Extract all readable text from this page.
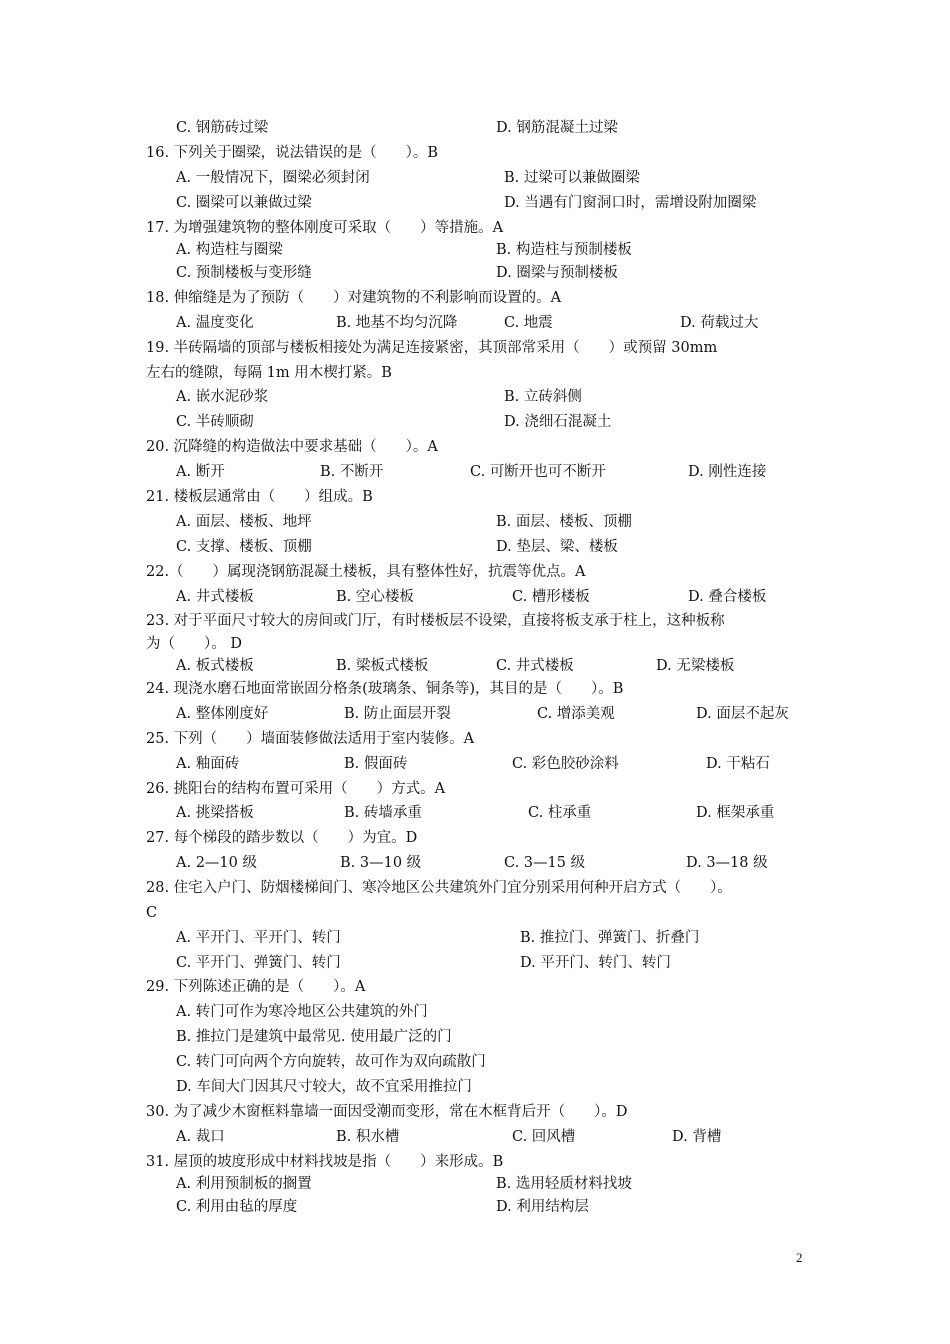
C. 钢筋砖过梁	D. 钢筋混凝土过梁
16. 下列关于圈梁，说法错误的是（　　）。B
A. 一般情况下，圈梁必须封闭	B. 过梁可以兼做圈梁
C. 圈梁可以兼做过梁	D. 当遇有门窗洞口时，需增设附加圈梁
17. 为增强建筑物的整体刚度可采取（　　）等措施。A
A. 构造柱与圈梁	B. 构造柱与预制楼板
C. 预制楼板与变形缝	D. 圈梁与预制楼板
18. 伸缩缝是为了预防（　　）对建筑物的不利影响而设置的。A
A. 温度变化	B. 地基不均匀沉降	C. 地震	D. 荷载过大
19. 半砖隔墙的顶部与楼板相接处为满足连接紧密，其顶部常采用（　　）或预留 30mm
左右的缝隙，每隔 1m 用木楔打紧。B
A. 嵌水泥砂浆	B. 立砖斜侧
C. 半砖顺砌	D. 浇细石混凝土
20. 沉降缝的构造做法中要求基础（　　）。A
A. 断开	B. 不断开	C. 可断开也可不断开	D. 刚性连接
21. 楼板层通常由（　　）组成。B
A. 面层、楼板、地坪	B. 面层、楼板、顶棚
C. 支撑、楼板、顶棚	D. 垫层、梁、楼板
22.（　　）属现浇钢筋混凝土楼板，具有整体性好，抗震等优点。A
A. 井式楼板	B. 空心楼板	C. 槽形楼板	D. 叠合楼板
23. 对于平面尺寸较大的房间或门厅，有时楼板层不设梁，直接将板支承于柱上，这种板称
为（　　）。 D
A. 板式楼板	B. 梁板式楼板	C. 井式楼板	D. 无梁楼板
24. 现浇水磨石地面常嵌固分格条(玻璃条、铜条等)，其目的是（　　）。B
A. 整体刚度好	B. 防止面层开裂	C. 增添美观	D. 面层不起灰
25. 下列（　　）墙面装修做法适用于室内装修。A
A. 釉面砖	B. 假面砖	C. 彩色胶砂涂料	D. 干粘石
26. 挑阳台的结构布置可采用（　　）方式。A
A. 挑梁搭板	B. 砖墙承重	C. 柱承重	D. 框架承重
27. 每个梯段的踏步数以（　　）为宜。D
A. 2—10 级	B. 3—10 级	C. 3—15 级	D. 3—18 级
28. 住宅入户门、防烟楼梯间门、寒冷地区公共建筑外门宜分别采用何种开启方式（　　）。
C
A. 平开门、平开门、转门	B. 推拉门、弹簧门、折叠门
C. 平开门、弹簧门、转门	D. 平开门、转门、转门
29. 下列陈述正确的是（　　）。A
A. 转门可作为寒冷地区公共建筑的外门
B. 推拉门是建筑中最常见. 使用最广泛的门
C. 转门可向两个方向旋转，故可作为双向疏散门
D. 车间大门因其尺寸较大，故不宜采用推拉门
30. 为了减少木窗框料靠墙一面因受潮而变形，常在木框背后开（　　）。D
A. 裁口	B. 积水槽	C. 回风槽	D. 背槽
31. 屋顶的坡度形成中材料找坡是指（　　）来形成。B
A. 利用预制板的搁置	B. 选用轻质材料找坡
C. 利用由毡的厚度	D. 利用结构层
2
